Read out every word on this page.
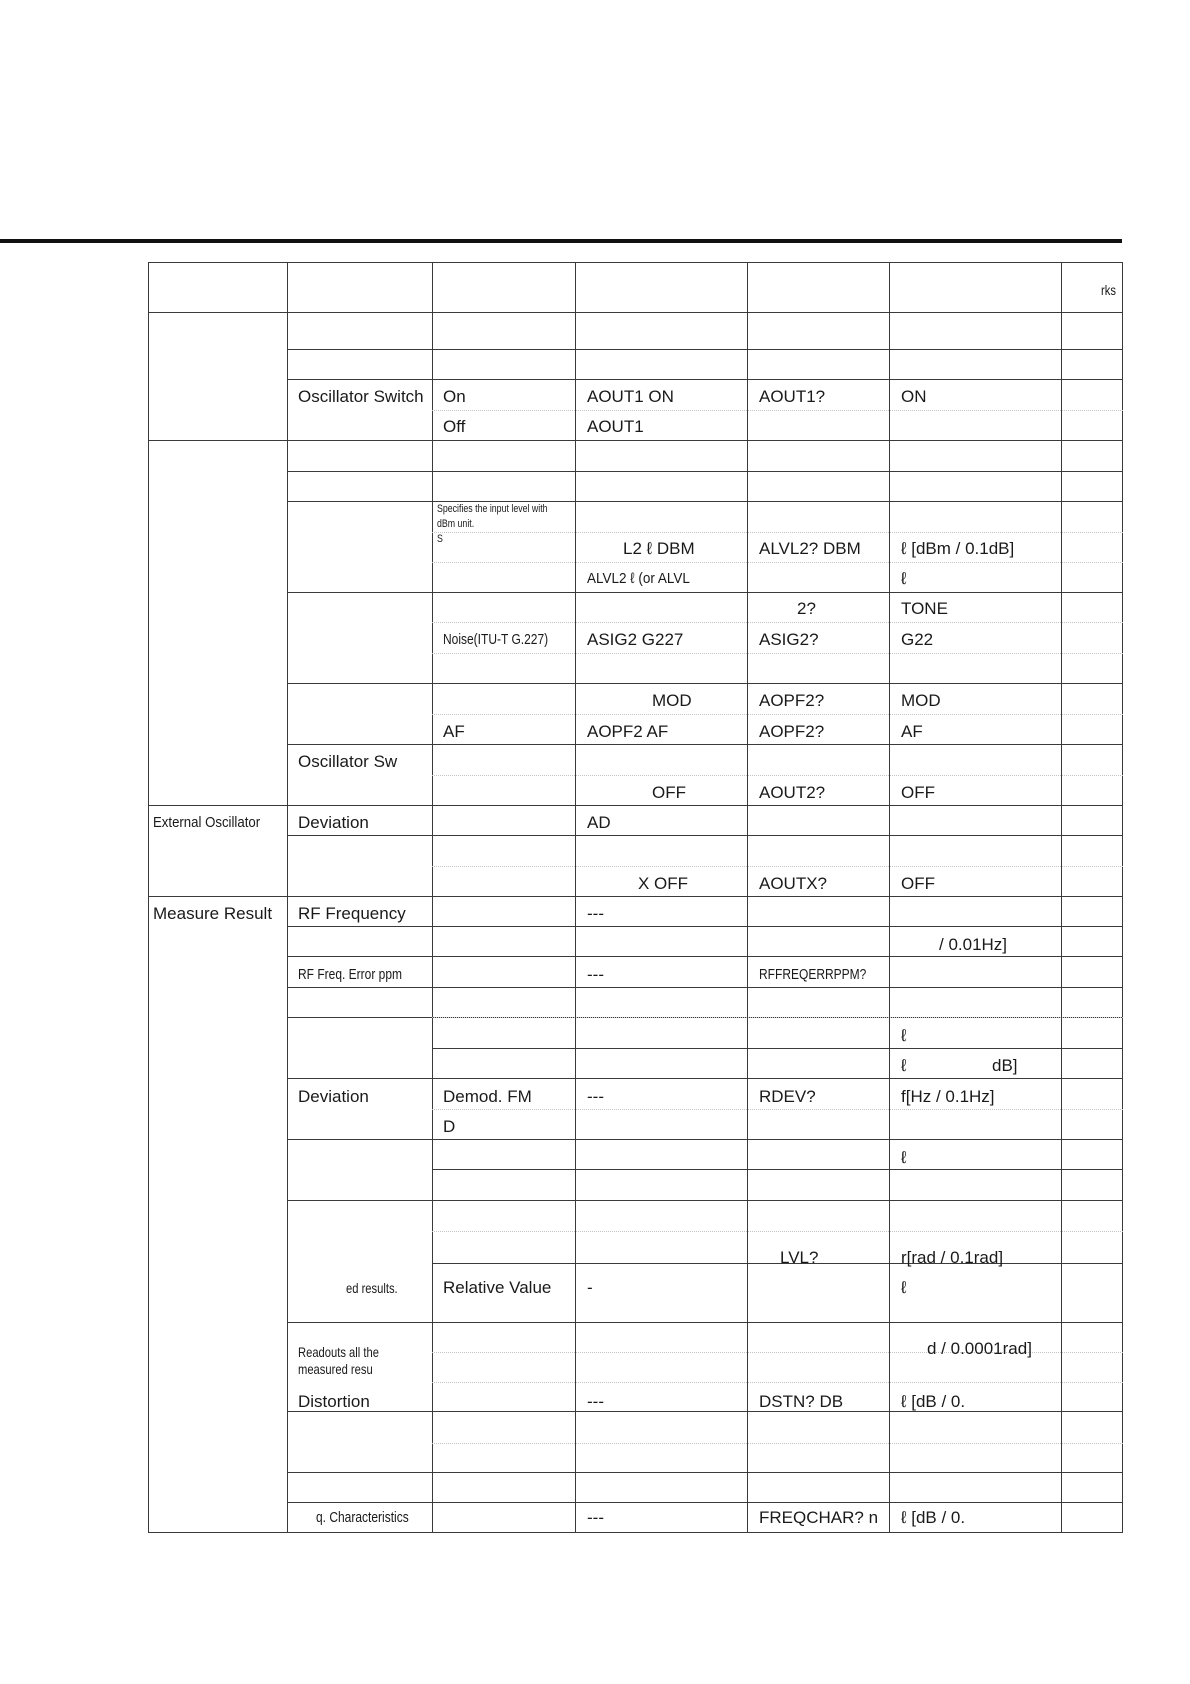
rks
External Oscillator
Measure Result
Oscillator Switch
Oscillator Sw
Deviation
RF Frequency
RF Freq. Error ppm
Deviation
ed results.
Readouts all the
measured resu
Distortion
q. Characteristics
On
Off
Specifies the input level with
dBm unit.
S
Noise(ITU-T G.227)
AF
Demod. FM
D
Relative Value
AOUT1 ON
AOUT1
L2 ℓ DBM
ALVL2 ℓ (or ALVL
ASIG2 G227
MOD
AOPF2 AF
OFF
AD
X OFF
---
---
---
-
---
---
AOUT1?
ALVL2? DBM
2?
ASIG2?
AOPF2?
AOPF2?
AOUT2?
AOUTX?
RFFREQERRPPM?
RDEV?
LVL?
DSTN? DB
FREQCHAR? n
ON
ℓ [dBm / 0.1dB]
ℓ
TONE
G22
MOD
AF
OFF
OFF
/ 0.01Hz]
ℓ
ℓ	dB]
f[Hz / 0.1Hz]
ℓ
r[rad / 0.1rad]
ℓ
d / 0.0001rad]
ℓ [dB / 0.
ℓ [dB / 0.
